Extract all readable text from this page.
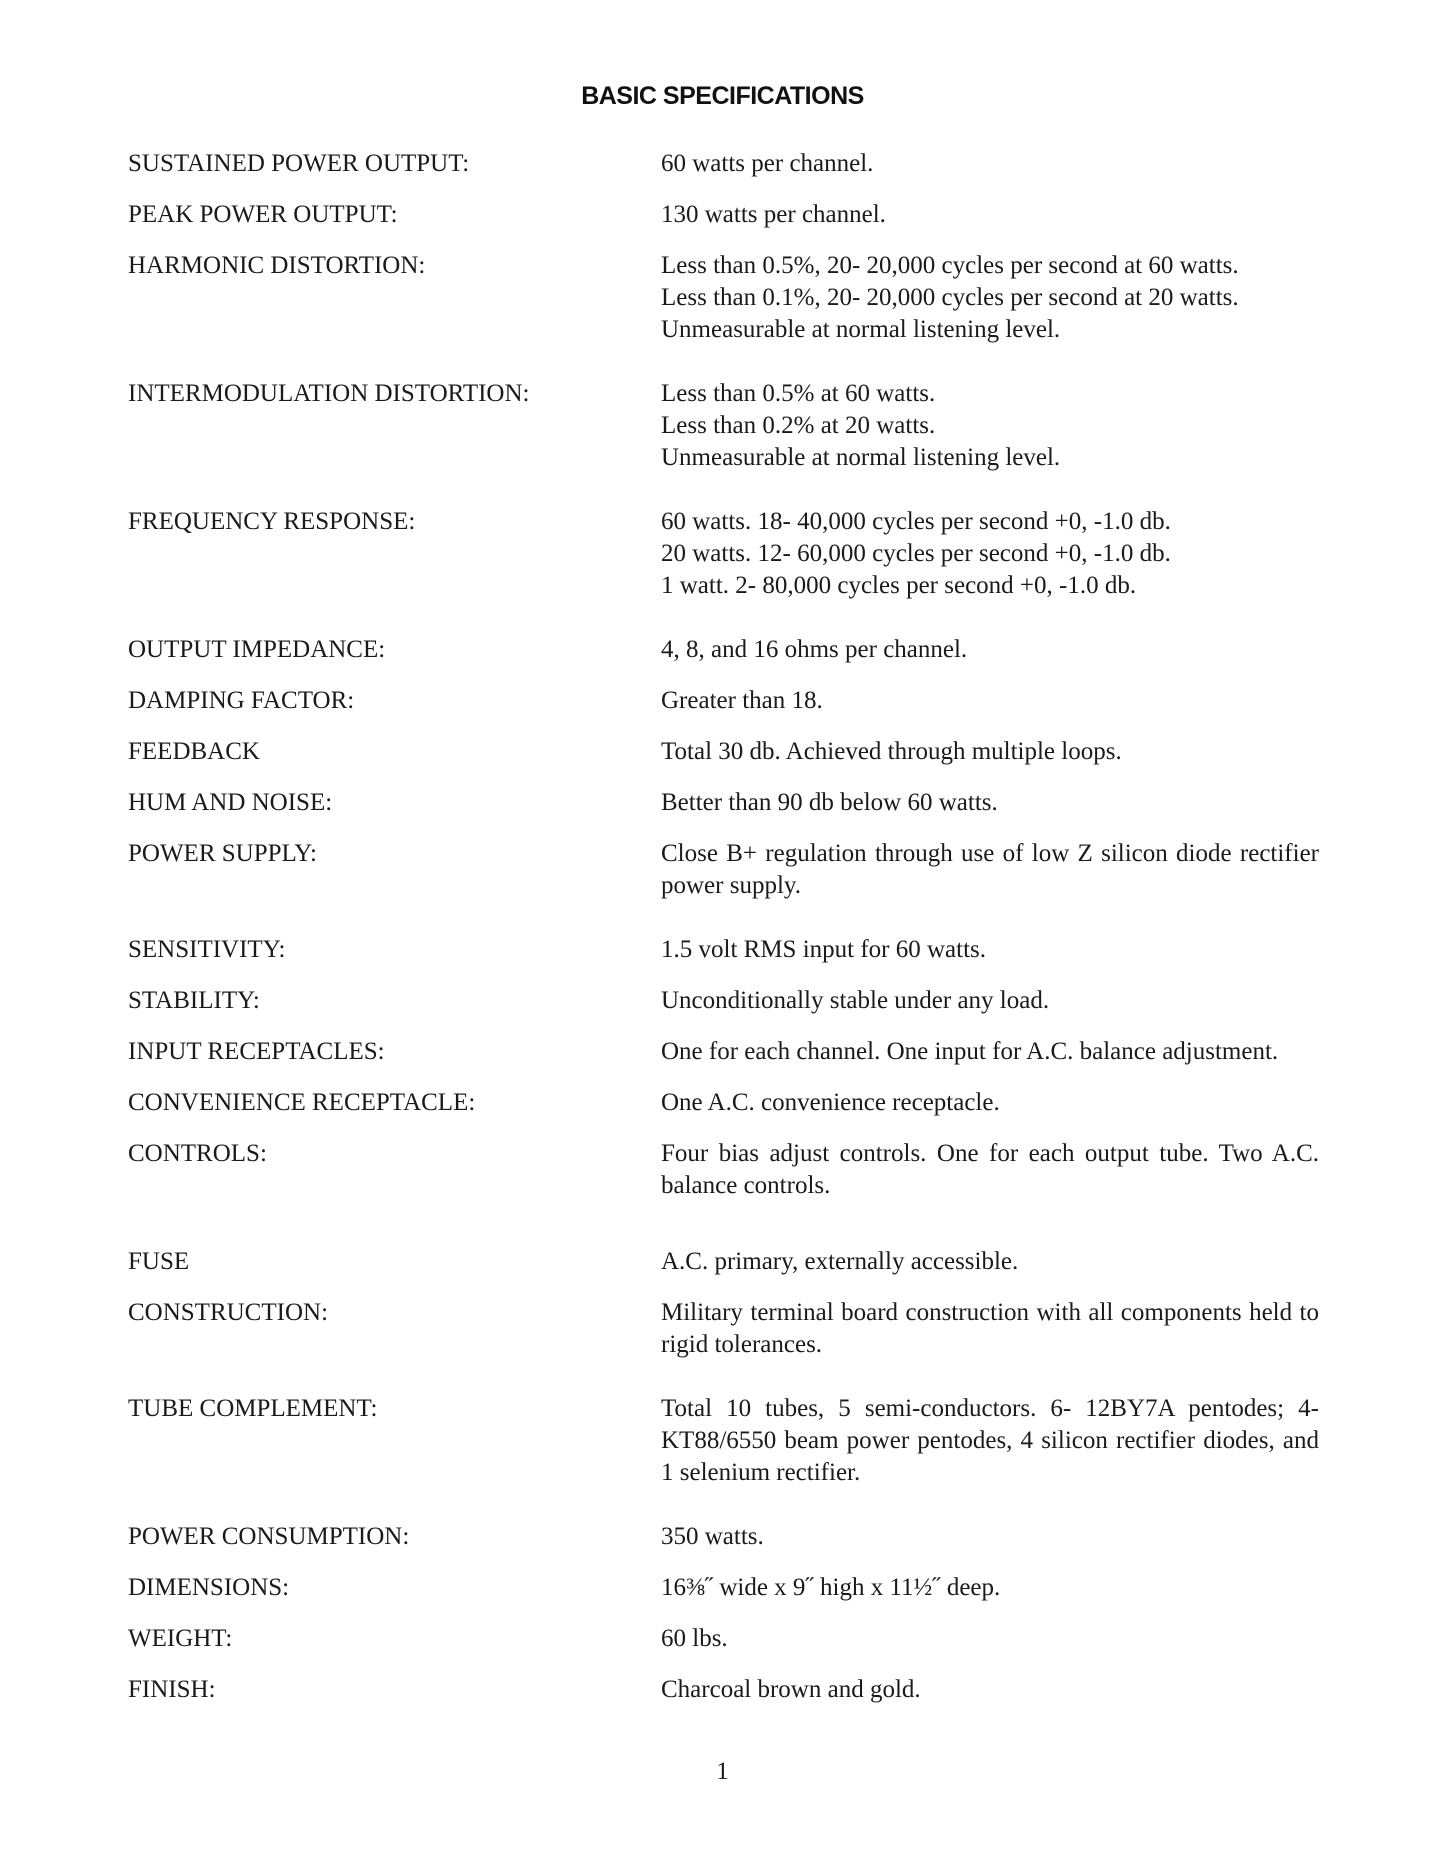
BASIC SPECIFICATIONS
SUSTAINED POWER OUTPUT:	60 watts per channel.
PEAK POWER OUTPUT:	130 watts per channel.
HARMONIC DISTORTION:	Less than 0.5%, 20- 20,000 cycles per second at 60 watts.
Less than 0.1%, 20- 20,000 cycles per second at 20 watts.
Unmeasurable at normal listening level.
INTERMODULATION DISTORTION:	Less than 0.5% at 60 watts.
Less than 0.2% at 20 watts.
Unmeasurable at normal listening level.
FREQUENCY RESPONSE:	60 watts. 18- 40,000 cycles per second +0, -1.0 db.
20 watts. 12- 60,000 cycles per second +0, -1.0 db.
1 watt. 2- 80,000 cycles per second +0, -1.0 db.
OUTPUT IMPEDANCE:	4, 8, and 16 ohms per channel.
DAMPING FACTOR:	Greater than 18.
FEEDBACK	Total 30 db. Achieved through multiple loops.
HUM AND NOISE:	Better than 90 db below 60 watts.
POWER SUPPLY:	Close B+ regulation through use of low Z silicon diode rectifier power supply.
SENSITIVITY:	1.5 volt RMS input for 60 watts.
STABILITY:	Unconditionally stable under any load.
INPUT RECEPTACLES:	One for each channel. One input for A.C. balance adjustment.
CONVENIENCE RECEPTACLE:	One A.C. convenience receptacle.
CONTROLS:	Four bias adjust controls. One for each output tube. Two A.C. balance controls.
FUSE	A.C. primary, externally accessible.
CONSTRUCTION:	Military terminal board construction with all components held to rigid tolerances.
TUBE COMPLEMENT:	Total 10 tubes, 5 semi-conductors. 6- 12BY7A pentodes; 4- KT88/6550 beam power pentodes, 4 silicon rectifier diodes, and 1 selenium rectifier.
POWER CONSUMPTION:	350 watts.
DIMENSIONS:	16⅜˝ wide x 9˝ high x 11½˝ deep.
WEIGHT:	60 lbs.
FINISH:	Charcoal brown and gold.
1
